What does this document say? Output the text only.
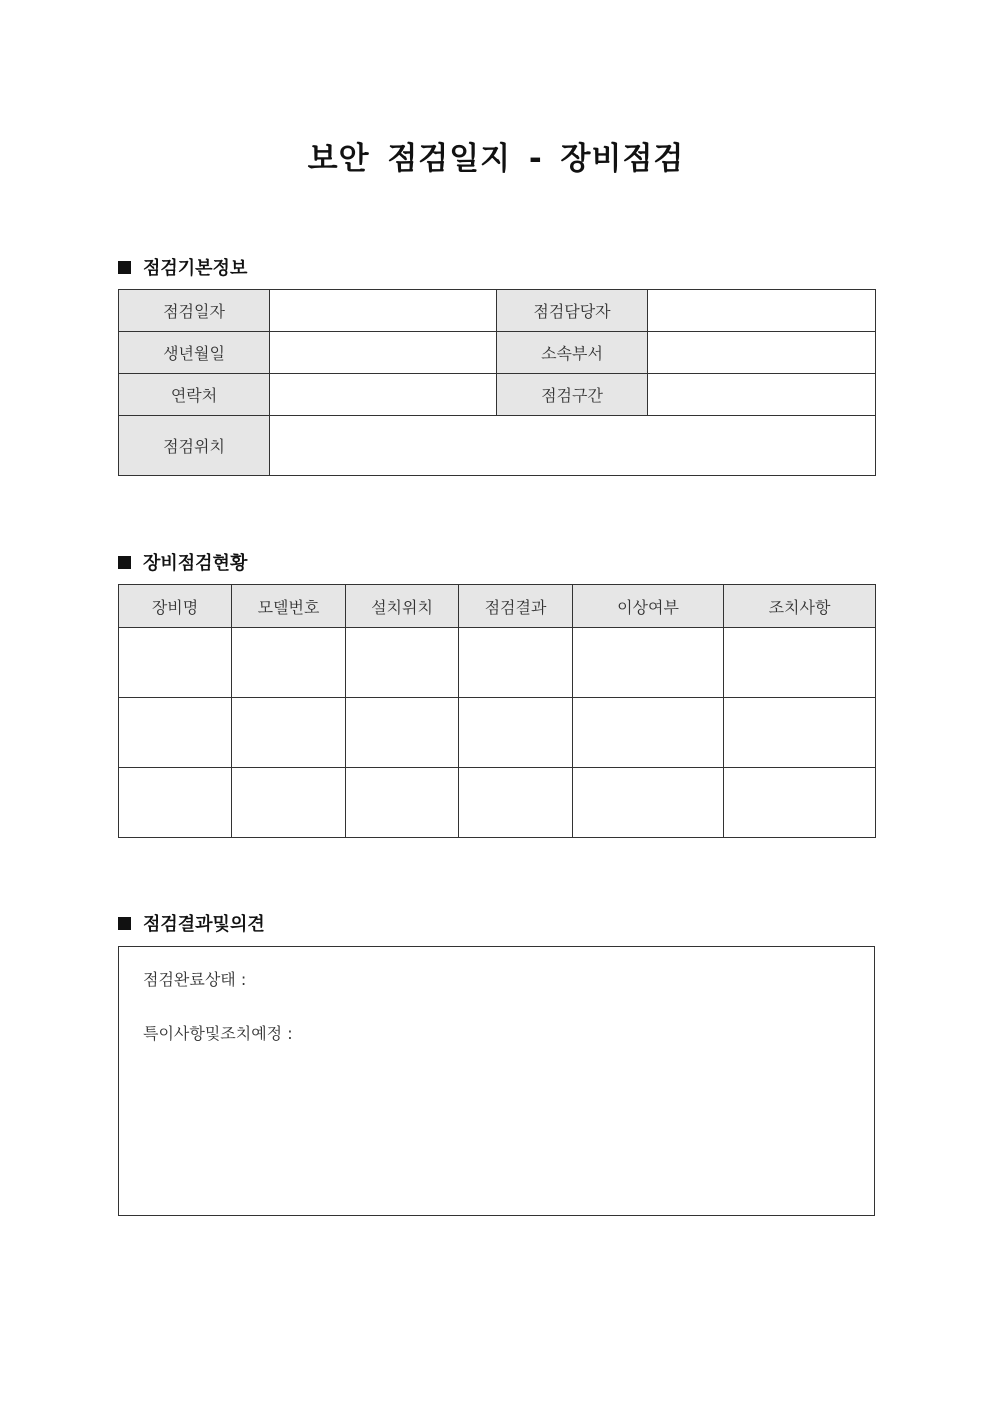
보안 점검일지 - 장비점검
점검기본정보
점검일자		점검담당자	
생년월일		소속부서	
연락처		점검구간	
점검위치			
장비점검현황
장비명	모델번호	설치위치	점검결과	이상여부	조치사항

점검결과및의견
점검완료상태 :
특이사항및조치예정 :
